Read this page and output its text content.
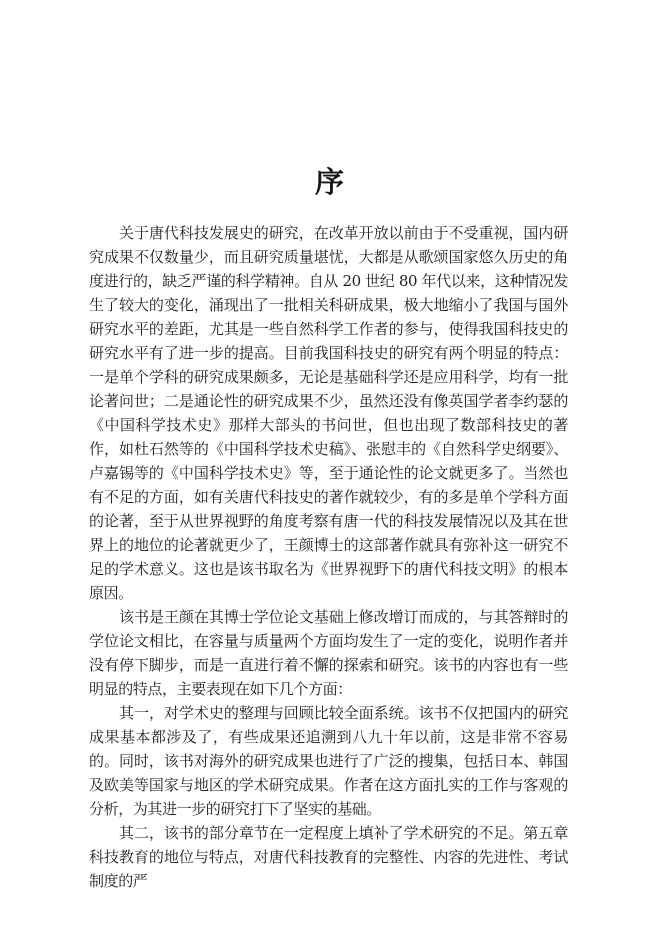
序

关于唐代科技发展史的研究，在改革开放以前由于不受重视，国内研究成果不仅数量少，而且研究质量堪忧，大都是从歌颂国家悠久历史的角度进行的，缺乏严谨的科学精神。自从 20 世纪 80 年代以来，这种情况发生了较大的变化，涌现出了一批相关科研成果，极大地缩小了我国与国外研究水平的差距，尤其是一些自然科学工作者的参与，使得我国科技史的研究水平有了进一步的提高。目前我国科技史的研究有两个明显的特点：一是单个学科的研究成果颇多，无论是基础科学还是应用科学，均有一批论著问世；二是通论性的研究成果不少，虽然还没有像英国学者李约瑟的《中国科学技术史》那样大部头的书问世，但也出现了数部科技史的著作，如杜石然等的《中国科学技术史稿》、张慰丰的《自然科学史纲要》、卢嘉锡等的《中国科学技术史》等，至于通论性的论文就更多了。当然也有不足的方面，如有关唐代科技史的著作就较少，有的多是单个学科方面的论著，至于从世界视野的角度考察有唐一代的科技发展情况以及其在世界上的地位的论著就更少了，王颜博士的这部著作就具有弥补这一研究不足的学术意义。这也是该书取名为《世界视野下的唐代科技文明》的根本原因。

该书是王颜在其博士学位论文基础上修改增订而成的，与其答辩时的学位论文相比，在容量与质量两个方面均发生了一定的变化，说明作者并没有停下脚步，而是一直进行着不懈的探索和研究。该书的内容也有一些明显的特点，主要表现在如下几个方面：

其一，对学术史的整理与回顾比较全面系统。该书不仅把国内的研究成果基本都涉及了，有些成果还追溯到八九十年以前，这是非常不容易的。同时，该书对海外的研究成果也进行了广泛的搜集，包括日本、韩国及欧美等国家与地区的学术研究成果。作者在这方面扎实的工作与客观的分析，为其进一步的研究打下了坚实的基础。

其二，该书的部分章节在一定程度上填补了学术研究的不足。第五章科技教育的地位与特点，对唐代科技教育的完整性、内容的先进性、考试制度的严
